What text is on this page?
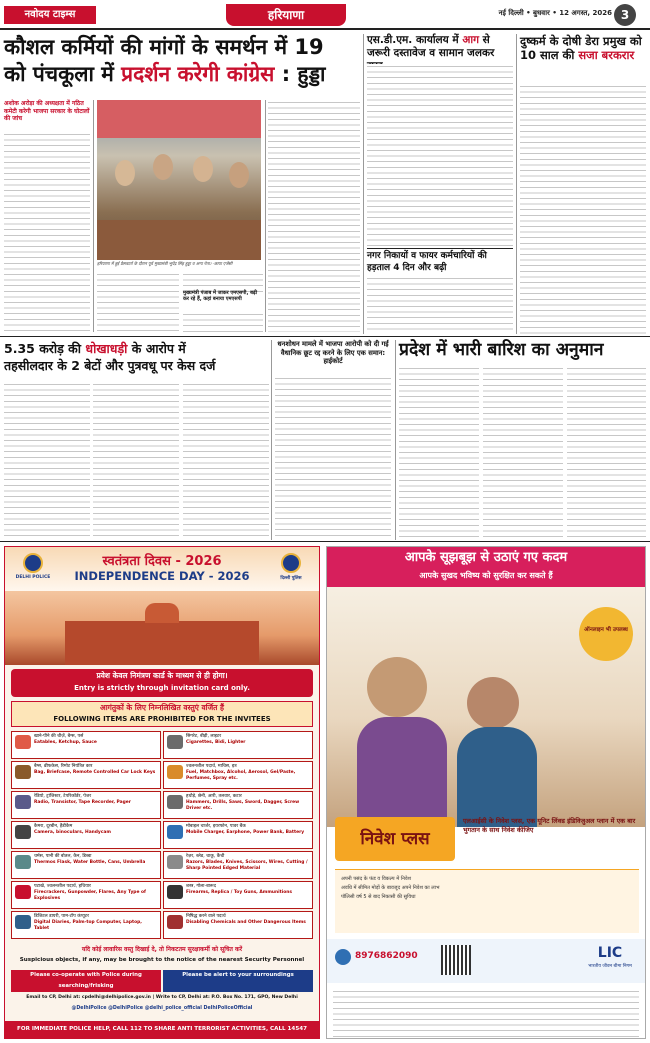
नवोदय टाइम्स	हरियाणा	नई दिल्ली • बुधवार • 12 अगस्त, 2026 3
कौशल कर्मियों की मांगों के समर्थन में 19
को पंचकूला में प्रदर्शन करेगी कांग्रेस : हुड्डा
अशोक अरोड़ा की अध्यक्षता में गठित कमेटी करेगी भाजपा सरकार के घोटालों की जांच
हरियाणा में हुई प्रेसवार्ता के दौरान पूर्व मुख्यमंत्री भूपेंद्र सिंह हुड्डा व अन्य नेता। -छाया एजेंसी
मुख्यमंत्री पंजाब में जाकर एमएसपी, बढ़ी कर रहे हैं, कहां बनाया एमएसपी
एस.डी.एम. कार्यालय में आग से जरूरी दस्तावेज व सामान जलकर
नगर निकायों व फायर कर्मचारियों की हड़ताल 4 दिन और बढ़ी
दुष्कर्म के दोषी डेरा प्रमुख को 10 साल की सजा बरकरार
5.35 करोड़ की धोखाधड़ी के आरोप में
तहसीलदार के 2 बेटों और पुत्रवधू पर केस दर्ज
धनशोधन मामले में भाजपा आरोपी को दी गई वैधानिक छूट रद्द करने के लिए एक समान: हाईकोर्ट
प्रदेश में भारी बारिश का अनुमान
DELHI POLICE
स्वतंत्रता दिवस - 2026
INDEPENDENCE DAY - 2026	दिल्ली पुलिस
प्रवेश केवल निमंत्रण कार्ड के माध्यम से ही होगा।
Entry is strictly through invitation card only.
आगंतुकों के लिए निम्नलिखित वस्तुएं वर्जित हैं
FOLLOWING ITEMS ARE PROHIBITED FOR THE INVITEES
खाने-पीने की चीज़ें, बैग्स, पर्स
Eatables, Ketchup, Sauce
सिगरेट, बीड़ी, लाइटर
Cigarettes, Bidi, Lighter
बैग्स, ब्रीफकेस, रिमोट नियंत्रित कार
Bag, Briefcase, Remote Controlled Car Lock Keys
ज्वलनशील पदार्थ, माचिस, इत्र
Fuel, Matchbox, Alcohol, Aerosol, Gel/Paste, Perfumes, Spray etc.
रेडियो, ट्रांजिस्टर, टेपरिकॉर्डर, पेजर
Radio, Transistor, Tape Recorder, Pager
हथौड़े, छेनी, आरी, तलवार, कटार
Hammers, Drills, Saws, Sword, Dagger, Screw Driver etc.
कैमरा, दूरबीन, हैंडीकैम
Camera, binoculars, Handycam
मोबाइल चार्जर, इयरफोन, पावर बैंक
Mobile Charger, Earphone, Power Bank, Battery
थर्मस, पानी की बोतल, कैन, डिब्बा
Thermos Flask, Water Bottle, Cans, Umbrella
रेज़र, ब्लेड, चाकू, कैंची
Razors, Blades, Knives, Scissors, Wires, Cutting / Sharp Pointed Edged Material
पटाखे, ज्वलनशील पदार्थ, हथियार
Firecrackers, Gunpowder, Flares, Any Type of Explosives
शस्त्र, गोला-बारूद
Firearms, Replica / Toy Guns, Ammunitions
डिजिटल डायरी, पाम-टॉप कंप्यूटर
Digital Diaries, Palm-top Computer, Laptop, Tablet
निषिद्ध करने वाले पदार्थ
Disabling Chemicals and Other Dangerous Items
यदि कोई लावारिस वस्तु दिखाई दे, तो निकटतम सुरक्षाकर्मी को सूचित करें
Suspicious objects, if any, may be brought to the notice of the nearest Security Personnel
Please co-operate with Police during searching/frisking
Please be alert to your surroundings
Email to CP, Delhi at: cpdelhi@delhipolice.gov.in | Write to CP, Delhi at: P.O. Box No. 171, GPO, New Delhi
@DelhiPolice @DelhiPolice @delhi_police_official DelhiPoliceOfficial
FOR IMMEDIATE POLICE HELP, CALL 112 TO SHARE ANTI TERRORIST ACTIVITIES, CALL 14547
आपके सूझबूझ से उठाएं गए कदम
आपके सुखद भविष्य को सुरक्षित कर सकते हैं
ऑनलाइन भी उपलब्ध
निवेश प्लस
एलआईसी के निवेश प्लस, एक यूनिट लिंक्ड इंडिविजुअल प्लान में एक बार भुगतान के साथ निवेश कीजिए
अपनी पसंद के फंड व विकल्प में निवेश
अवधि में सीमित मोड़ों के बावजूद अपने निवेश का लाभ
पॉलिसी वर्ष 5 से बाद निकासी की सुविधा
8976862090	LIC
भारतीय जीवन बीमा निगम
